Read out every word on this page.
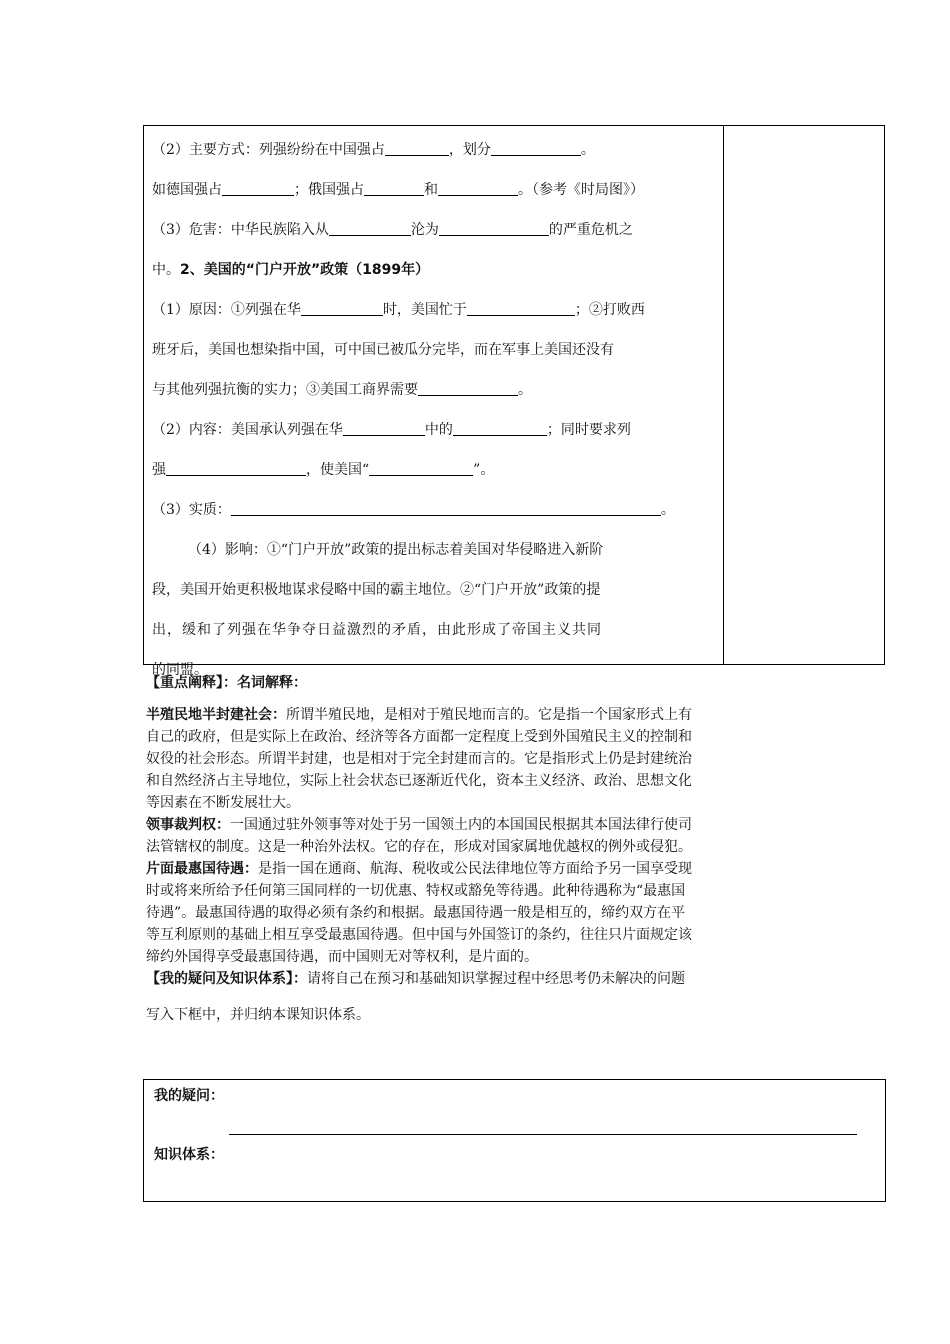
（2）主要方式：列强纷纷在中国强占	，划分	。
如德国强占	；俄国强占	和	。（参考《时局图》）
（3）危害：中华民族陷入从	沦为	的严重危机之
中。2、美国的“门户开放”政策（1899年）
（1）原因：①列强在华	时，美国忙于	；②打败西
班牙后，美国也想染指中国，可中国已被瓜分完毕，而在军事上美国还没有
与其他列强抗衡的实力；③美国工商界需要	。
（2）内容：美国承认列强在华	中的	；同时要求列
强	，使美国“	”。
（3）实质：	。
（4）影响：①“门户开放”政策的提出标志着美国对华侵略进入新阶
段，美国开始更积极地谋求侵略中国的霸主地位。②“门户开放”政策的提
出，缓和了列强在华争夺日益激烈的矛盾，由此形成了帝国主义共同
的同盟。
【重点阐释】：名词解释：
半殖民地半封建社会：所谓半殖民地，是相对于殖民地而言的。它是指一个国家形式上有
自己的政府，但是实际上在政治、经济等各方面都一定程度上受到外国殖民主义的控制和
奴役的社会形态。所谓半封建，也是相对于完全封建而言的。它是指形式上仍是封建统治
和自然经济占主导地位，实际上社会状态已逐渐近代化，资本主义经济、政治、思想文化
等因素在不断发展壮大。
领事裁判权：一国通过驻外领事等对处于另一国领土内的本国国民根据其本国法律行使司
法管辖权的制度。这是一种治外法权。它的存在，形成对国家属地优越权的例外或侵犯。
片面最惠国待遇：是指一国在通商、航海、税收或公民法律地位等方面给予另一国享受现
时或将来所给予任何第三国同样的一切优惠、特权或豁免等待遇。此种待遇称为“最惠国
待遇”。最惠国待遇的取得必须有条约和根据。最惠国待遇一般是相互的，缔约双方在平
等互利原则的基础上相互享受最惠国待遇。但中国与外国签订的条约，往往只片面规定该
缔约外国得享受最惠国待遇，而中国则无对等权利，是片面的。
【我的疑问及知识体系】：请将自己在预习和基础知识掌握过程中经思考仍未解决的问题
写入下框中，并归纳本课知识体系。
我的疑问：
知识体系：
